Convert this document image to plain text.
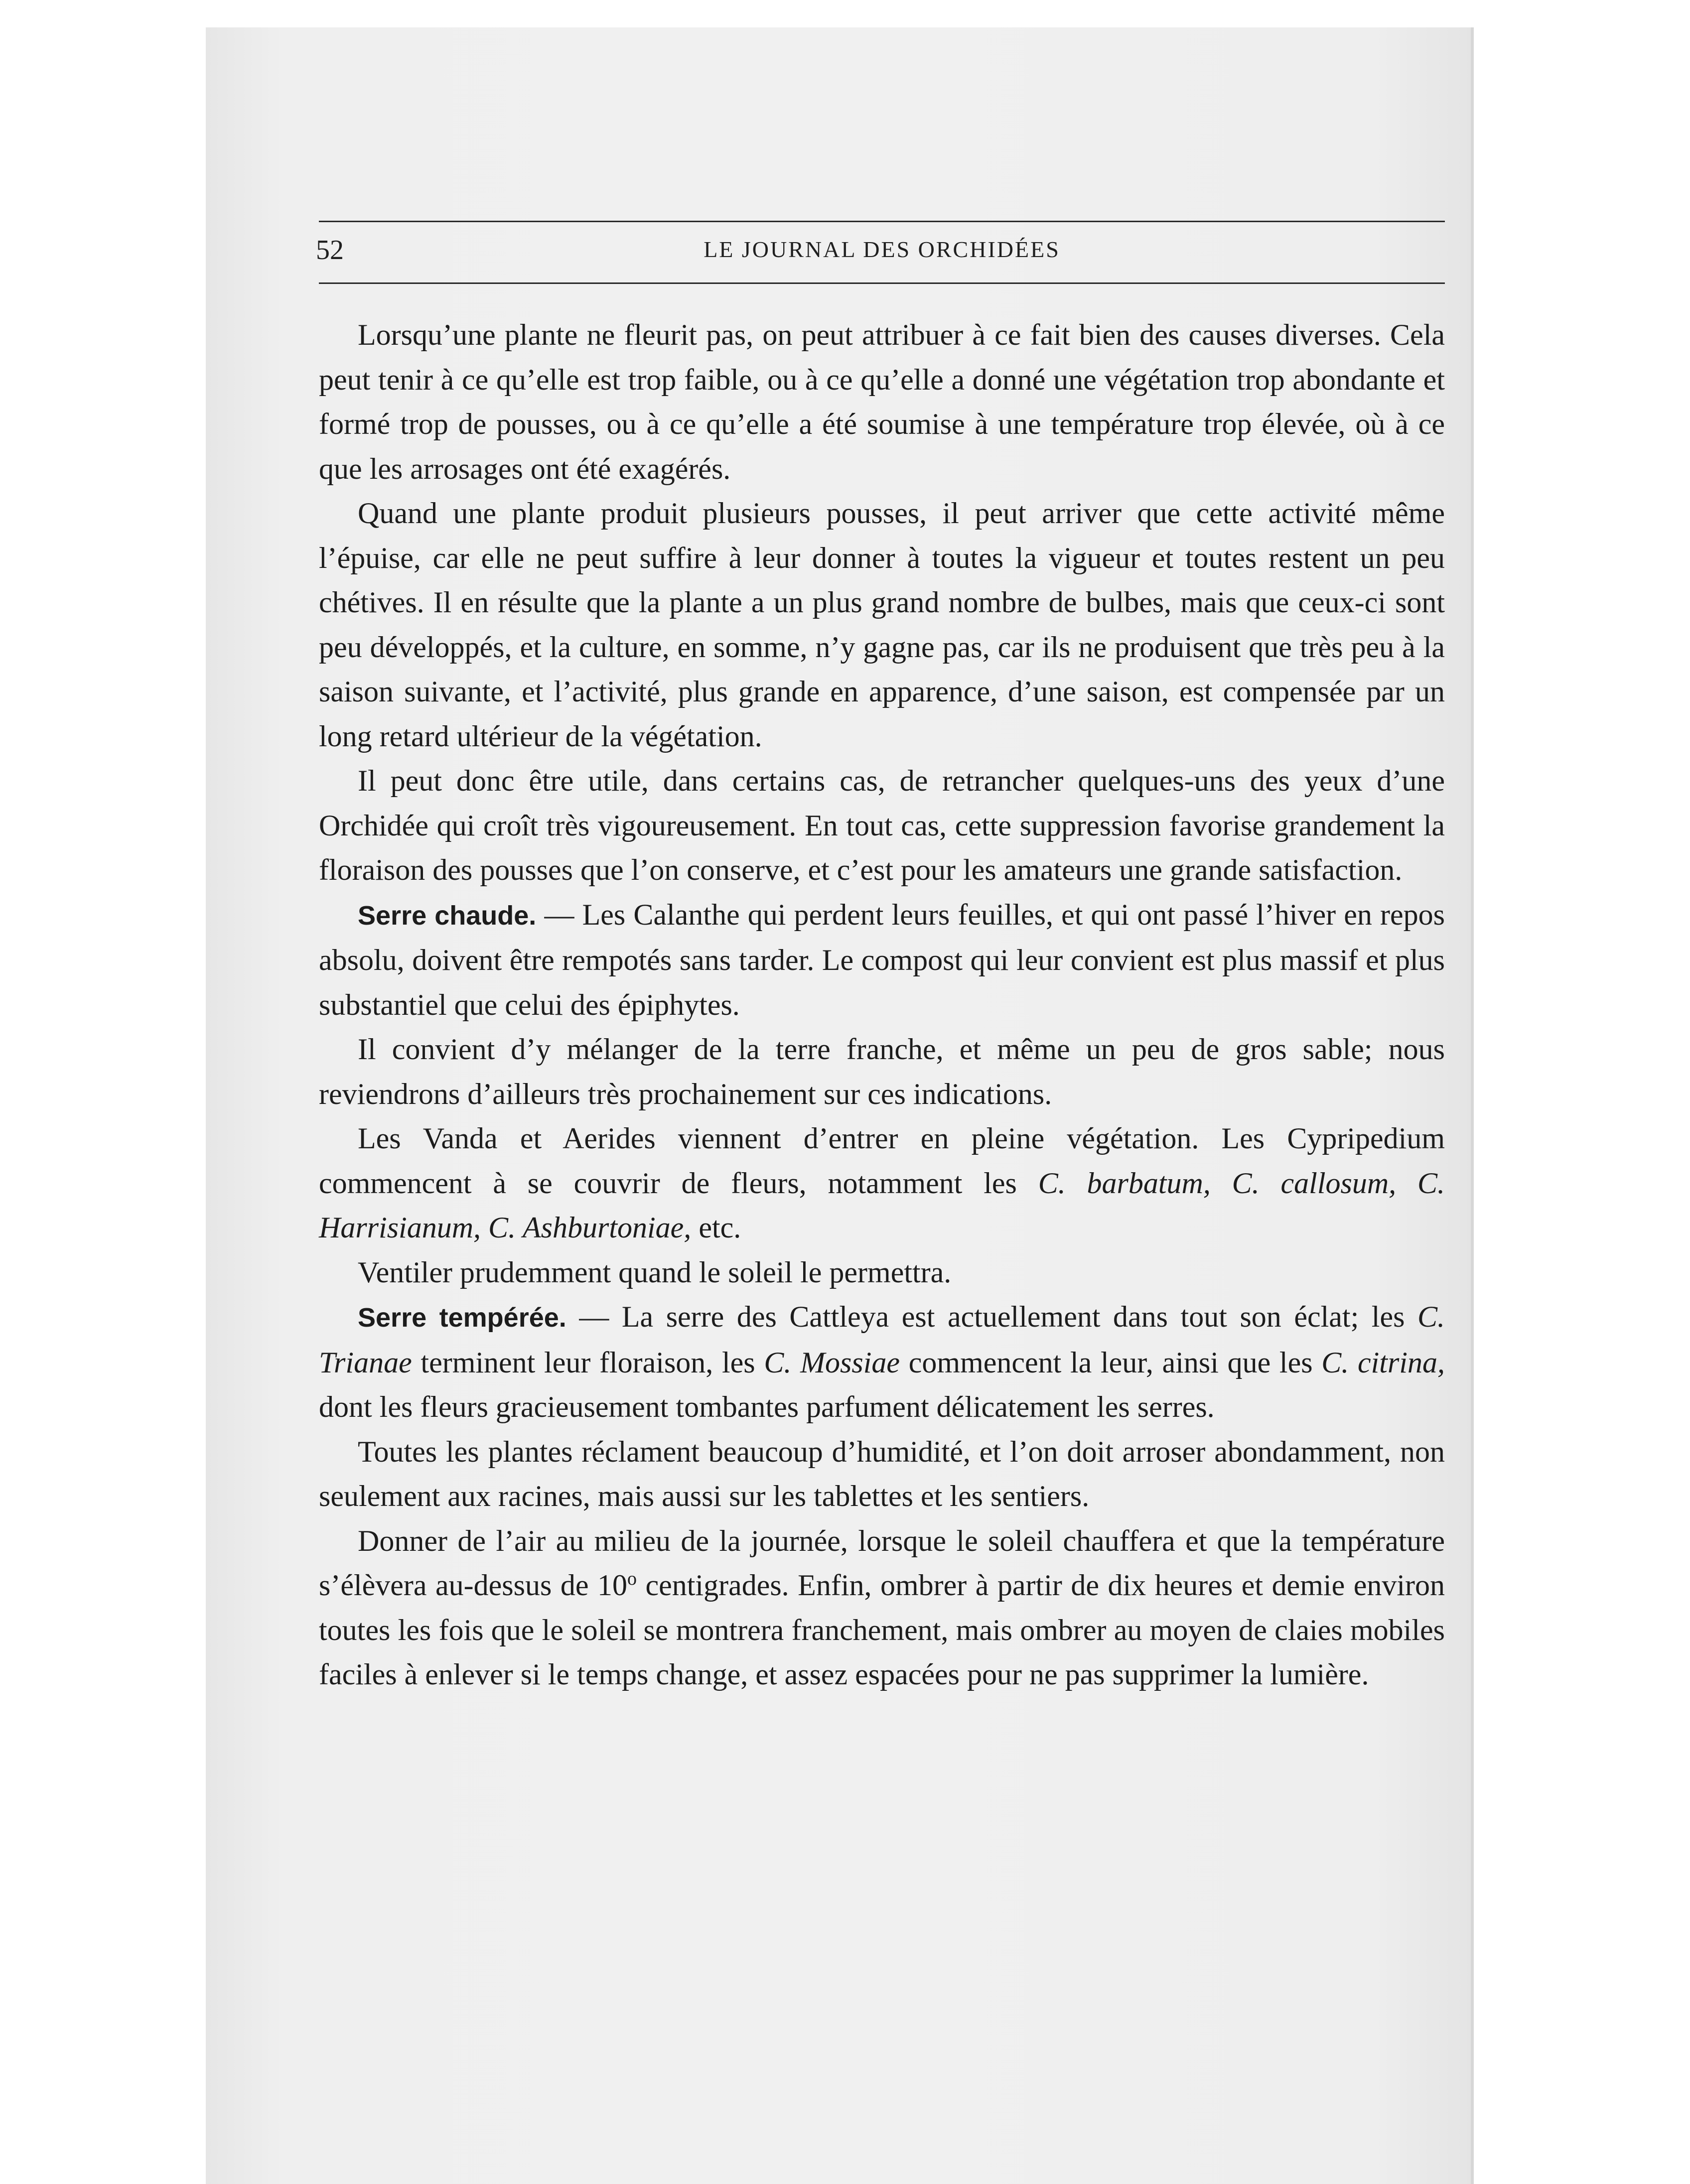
52	LE JOURNAL DES ORCHIDÉES

Lorsqu’une plante ne fleurit pas, on peut attribuer à ce fait bien des causes diverses. Cela peut tenir à ce qu’elle est trop faible, ou à ce qu’elle a donné une végétation trop abondante et formé trop de pousses, ou à ce qu’elle a été soumise à une température trop élevée, où à ce que les arrosages ont été exagérés.

Quand une plante produit plusieurs pousses, il peut arriver que cette activité même l’épuise, car elle ne peut suffire à leur donner à toutes la vigueur et toutes restent un peu chétives. Il en résulte que la plante a un plus grand nombre de bulbes, mais que ceux-ci sont peu développés, et la culture, en somme, n’y gagne pas, car ils ne produisent que très peu à la saison suivante, et l’activité, plus grande en apparence, d’une saison, est compensée par un long retard ultérieur de la végétation.

Il peut donc être utile, dans certains cas, de retrancher quelques-uns des yeux d’une Orchidée qui croît très vigoureusement. En tout cas, cette suppression favorise grandement la floraison des pousses que l’on conserve, et c’est pour les amateurs une grande satisfaction.

Serre chaude. — Les Calanthe qui perdent leurs feuilles, et qui ont passé l’hiver en repos absolu, doivent être rempotés sans tarder. Le compost qui leur convient est plus massif et plus substantiel que celui des épiphytes.

Il convient d’y mélanger de la terre franche, et même un peu de gros sable; nous reviendrons d’ailleurs très prochainement sur ces indications.

Les Vanda et Aerides viennent d’entrer en pleine végétation. Les Cypripedium commencent à se couvrir de fleurs, notamment les C. barbatum, C. callosum, C. Harrisianum, C. Ashburtoniae, etc.

Ventiler prudemment quand le soleil le permettra.

Serre tempérée. — La serre des Cattleya est actuellement dans tout son éclat; les C. Trianae terminent leur floraison, les C. Mossiae commencent la leur, ainsi que les C. citrina, dont les fleurs gracieusement tombantes parfument délicatement les serres.

Toutes les plantes réclament beaucoup d’humidité, et l’on doit arroser abondamment, non seulement aux racines, mais aussi sur les tablettes et les sentiers.

Donner de l’air au milieu de la journée, lorsque le soleil chauffera et que la température s’élèvera au-dessus de 10$^o$ centigrades. Enfin, ombrer à partir de dix heures et demie environ toutes les fois que le soleil se montrera franchement, mais ombrer au moyen de claies mobiles faciles à enlever si le temps change, et assez espacées pour ne pas supprimer la lumière.
